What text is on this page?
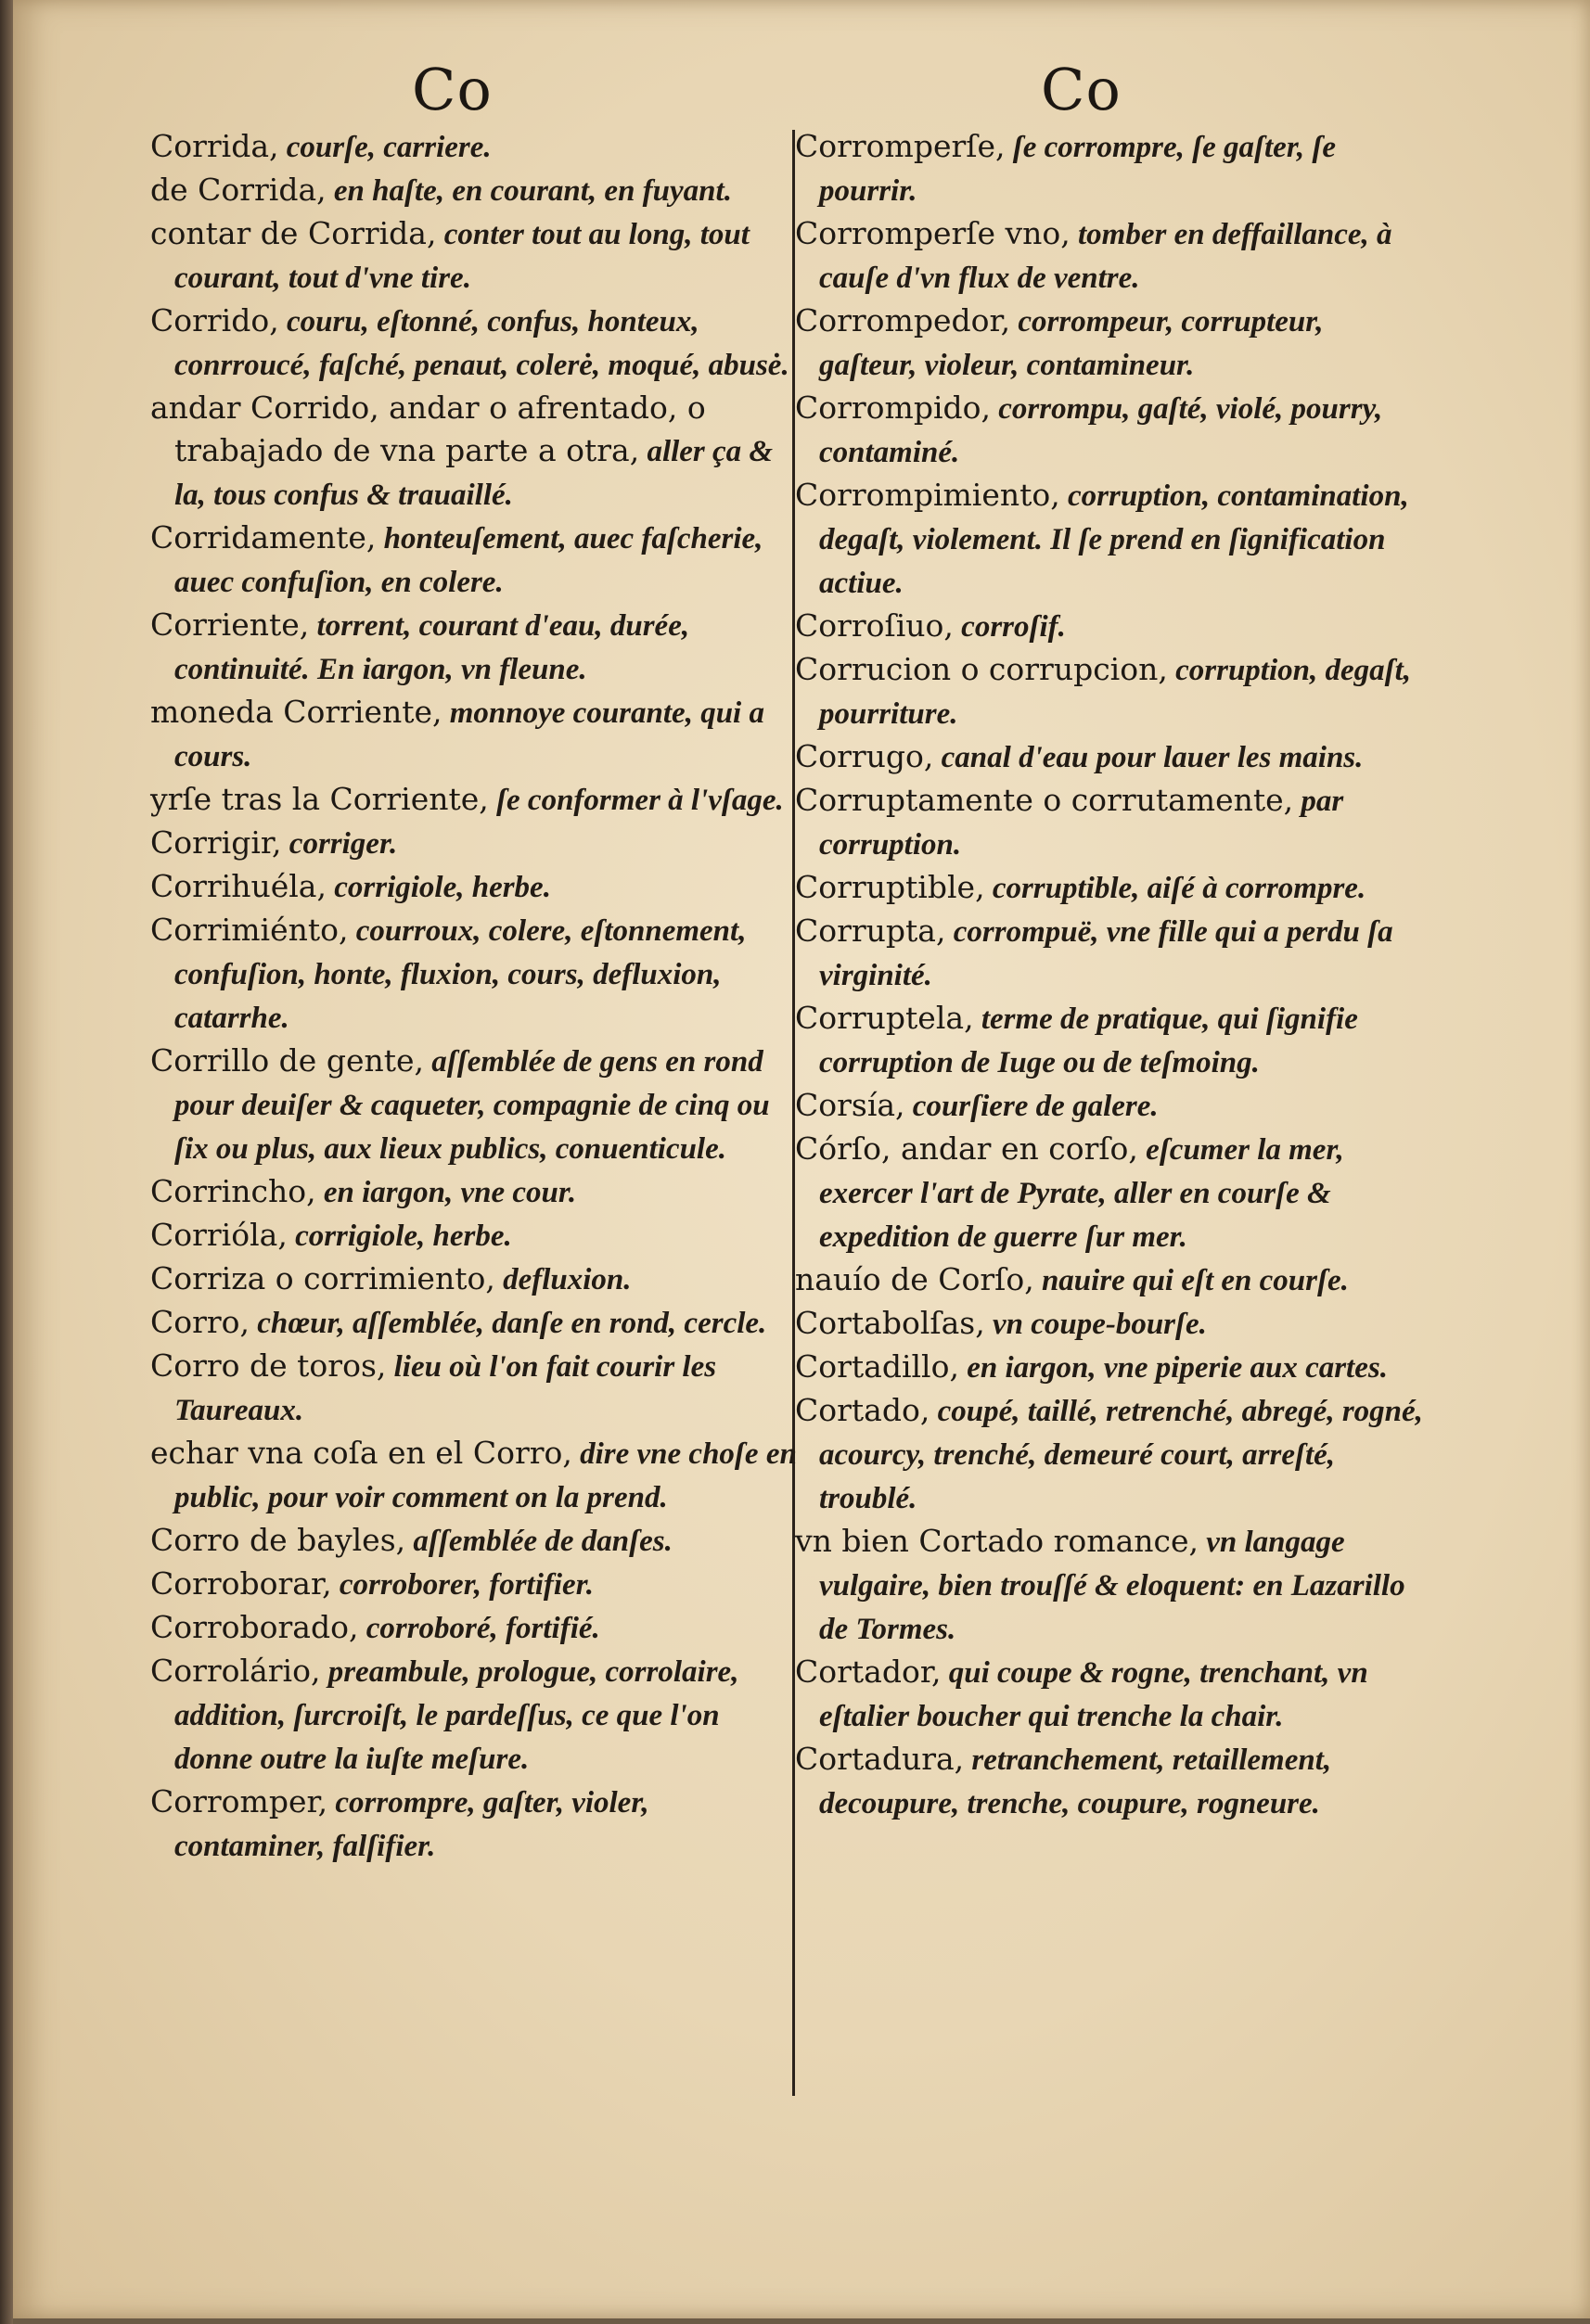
Co	Co
Corrida, courſe, carriere.
de Corrida, en haſte, en courant, en fuyant.
contar de Corrida, conter tout au long, tout courant, tout d'vne tire.
Corrido, couru, eſtonné, confus, honteux, conrroucé, faſché, penaut, colerė, moqué, abusė.
andar Corrido, andar o afrentado, o trabajado de vna parte a otra, aller ça & la, tous confus & trauaillé.
Corridamente, honteuſement, auec faſcherie, auec confuſion, en colere.
Corriente, torrent, courant d'eau, durée, continuité. En iargon, vn fleune.
moneda Corriente, monnoye courante, qui a cours.
yrſe tras la Corriente, ſe conformer à l'vſage.
Corrigir, corriger.
Corrihuéla, corrigiole, herbe.
Corrimiénto, courroux, colere, eſtonnement, confuſion, honte, fluxion, cours, defluxion, catarrhe.
Corrillo de gente, aſſemblée de gens en rond pour deuiſer & caqueter, compagnie de cinq ou ſix ou plus, aux lieux publics, conuenticule.
Corrincho, en iargon, vne cour.
Corrióla, corrigiole, herbe.
Corriza o corrimiento, defluxion.
Corro, chœur, aſſemblée, danſe en rond, cercle.
Corro de toros, lieu où l'on fait courir les Taureaux.
echar vna coſa en el Corro, dire vne choſe en public, pour voir comment on la prend.
Corro de bayles, aſſemblée de danſes.
Corroborar, corroborer, fortifier.
Corroborado, corroboré, fortifié.
Corrolário, preambule, prologue, corrolaire, addition, ſurcroiſt, le pardeſſus, ce que l'on donne outre la iuſte meſure.
Corromper, corrompre, gaſter, violer, contaminer, falſifier.
Corromperſe, ſe corrompre, ſe gaſter, ſe pourrir.
Corromperſe vno, tomber en deffaillance, à cauſe d'vn flux de ventre.
Corrompedor, corrompeur, corrupteur, gaſteur, violeur, contamineur.
Corrompido, corrompu, gaſté, violé, pourry, contaminé.
Corrompimiento, corruption, contamination, degaſt, violement. Il ſe prend en ſignification actiue.
Corroſiuo, corroſif.
Corrucion o corrupcion, corruption, degaſt, pourriture.
Corrugo, canal d'eau pour lauer les mains.
Corruptamente o corrutamente, par corruption.
Corruptible, corruptible, aiſé à corrompre.
Corrupta, corrompuë, vne fille qui a perdu ſa virginité.
Corruptela, terme de pratique, qui ſignifie corruption de Iuge ou de teſmoing.
Corsía, courſiere de galere.
Córſo, andar en corſo, eſcumer la mer, exercer l'art de Pyrate, aller en courſe & expedition de guerre ſur mer.
nauío de Corſo, nauire qui eſt en courſe.
Cortabolſas, vn coupe-bourſe.
Cortadillo, en iargon, vne piperie aux cartes.
Cortado, coupé, taillé, retrenché, abregé, rogné, acourcy, trenché, demeuré court, arreſté, troublé.
vn bien Cortado romance, vn langage vulgaire, bien trouſſé & eloquent: en Lazarillo de Tormes.
Cortador, qui coupe & rogne, trenchant, vn eſtalier boucher qui trenche la chair.
Cortadura, retranchement, retaillement, decoupure, trenche, coupure, rogneure.
